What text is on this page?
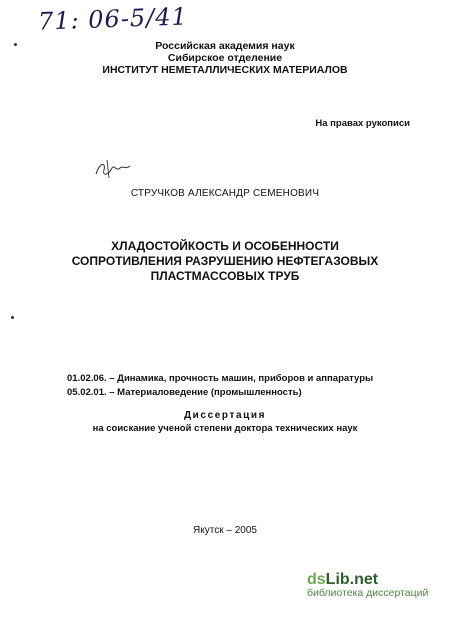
71: 06-5/41
Российская академия наук
Сибирское отделение
ИНСТИТУТ НЕМЕТАЛЛИЧЕСКИХ МАТЕРИАЛОВ
На правах рукописи
СТРУЧКОВ АЛЕКСАНДР СЕМЕНОВИЧ
ХЛАДОСТОЙКОСТЬ И ОСОБЕННОСТИ
СОПРОТИВЛЕНИЯ РАЗРУШЕНИЮ НЕФТЕГАЗОВЫХ
ПЛАСТМАССОВЫХ ТРУБ
01.02.06. – Динамика, прочность машин, приборов и аппаратуры
05.02.01. – Материаловедение (промышленность)
Диссертация
на соискание ученой степени доктора технических наук
Якутск – 2005
dsLib.net
библиотека диссертаций
